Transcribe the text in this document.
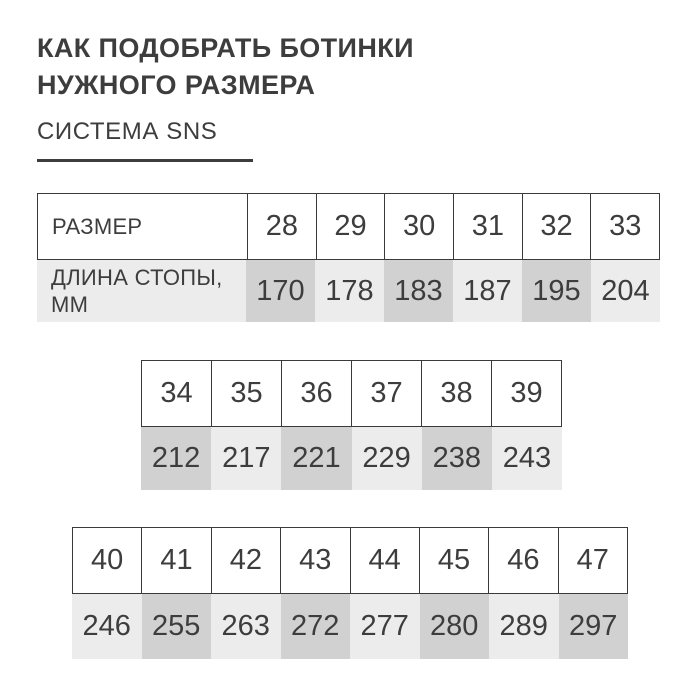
КАК ПОДОБРАТЬ БОТИНКИ
НУЖНОГО РАЗМЕРА
СИСТЕМА SNS
РАЗМЕР	28	29	30	31	32	33
ДЛИНА СТОПЫ, ММ	170 178 183 187 195 204
34	35	36	37	38	39
212 217 221 229 238 243
40	41	42	43	44	45	46	47
246 255 263 272 277 280 289 297
